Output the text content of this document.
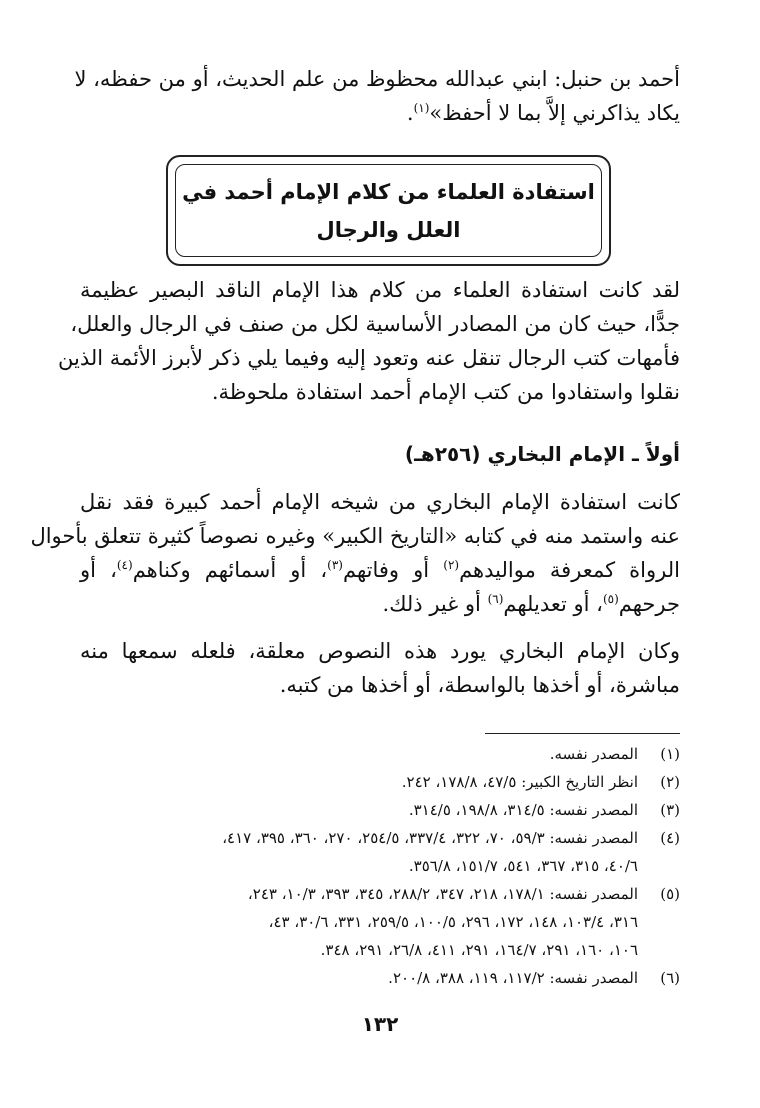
أحمد بن حنبل: ابني عبدالله محظوظ من علم الحديث، أو من حفظه، لا
يكاد يذاكرني إلاَّ بما لا أحفظ»$^{(١)}$.
استفادة العلماء من كلام الإمام أحمد في
العلل والرجال
لقد كانت استفادة العلماء من كلام هذا الإمام الناقد البصير عظيمة
جدًّا، حيث كان من المصادر الأساسية لكل من صنف في الرجال والعلل،
فأمهات كتب الرجال تنقل عنه وتعود إليه وفيما يلي ذكر لأبرز الأئمة الذين
نقلوا واستفادوا من كتب الإمام أحمد استفادة ملحوظة.
أولاً ـ الإمام البخاري (٢٥٦هـ)
كانت استفادة الإمام البخاري من شيخه الإمام أحمد كبيرة فقد نقل
عنه واستمد منه في كتابه «التاريخ الكبير» وغيره نصوصاً كثيرة تتعلق بأحوال
الرواة كمعرفة مواليدهم$^{(٢)}$ أو وفاتهم$^{(٣)}$، أو أسمائهم وكناهم$^{(٤)}$، أو
جرحهم$^{(٥)}$، أو تعديلهم$^{(٦)}$ أو غير ذلك.
وكان الإمام البخاري يورد هذه النصوص معلقة، فلعله سمعها منه
مباشرة، أو أخذها بالواسطة، أو أخذها من كتبه.
(١)
المصدر نفسه.
(٢)
انظر التاريخ الكبير: ٤٧/٥، ١٧٨/٨، ٢٤٢.
(٣)
المصدر نفسه: ٣١٤/٥، ١٩٨/٨، ٣١٤/٥.
(٤)
المصدر نفسه: ٥٩/٣، ٧٠، ٣٢٢، ٣٣٧/٤، ٢٥٤/٥، ٢٧٠، ٣٦٠، ٣٩٥، ٤١٧،
٤٠/٦، ٣١٥، ٣٦٧، ٥٤١، ١٥١/٧، ٣٥٦/٨.
(٥)
المصدر نفسه: ١٧٨/١، ٢١٨، ٣٤٧، ٢٨٨/٢، ٣٤٥، ٣٩٣، ١٠/٣، ٢٤٣،
٣١٦، ١٠٣/٤، ١٤٨، ١٧٢، ٢٩٦، ١٠٠/٥، ٢٥٩/٥، ٣٣١، ٣٠/٦، ٤٣،
١٠٦، ١٦٠، ٢٩١، ١٦٤/٧، ٢٩١، ٤١١، ٢٦/٨، ٢٩١، ٣٤٨.
(٦)
المصدر نفسه: ١١٧/٢، ١١٩، ٣٨٨، ٢٠٠/٨.
١٣٢
